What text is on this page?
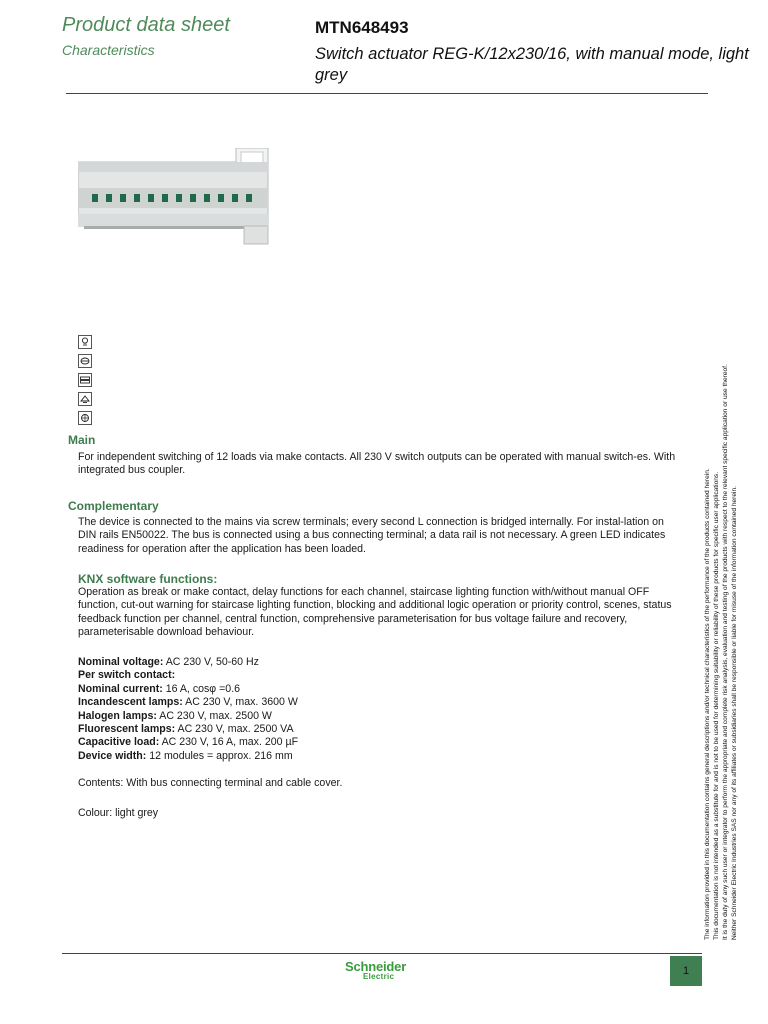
Product data sheet
Characteristics
MTN648493
Switch actuator REG-K/12x230/16, with manual mode, light grey
Main
For independent switching of 12 loads via make contacts. All 230 V switch outputs can be operated with manual switch-es. With integrated bus coupler.
Complementary
The device is connected to the mains via screw terminals; every second L connection is bridged internally. For instal-lation on DIN rails EN50022. The bus is connected using a bus connecting terminal; a data rail is not necessary. A green LED indicates readiness for operation after the application has been loaded.
KNX software functions:
Operation as break or make contact, delay functions for each channel, staircase lighting function with/without manual OFF function, cut-out warning for staircase lighting function, blocking and additional logic operation or priority control, scenes, status feedback function per channel, central function, comprehensive parameterisation for bus voltage failure and recovery, parameterisable download behaviour.
Nominal voltage: AC 230 V, 50-60 Hz
Per switch contact:
Nominal current: 16 A, cosφ =0.6
Incandescent lamps: AC 230 V, max. 3600 W
Halogen lamps: AC 230 V, max. 2500 W
Fluorescent lamps: AC 230 V, max. 2500 VA
Capacitive load: AC 230 V, 16 A, max. 200 µF
Device width: 12 modules = approx. 216 mm
Contents: With bus connecting terminal and cable cover.
Colour: light grey	The information provided in this documentation contains general descriptions and/or technical characteristics of the performance of the products contained herein. This documentation is not intended as a substitute for and is not to be used for determining suitability or reliability of these products for specific user applications. It is the duty of any such user or integrator to perform the appropriate and complete risk analysis, evaluation and testing of the products with respect to the relevant specific application or use thereof. Neither Schneider Electric Industries SAS nor any of its affiliates or subsidiaries shall be responsible or liable for misuse of the information contained herein.
Schneider
Electric	1
